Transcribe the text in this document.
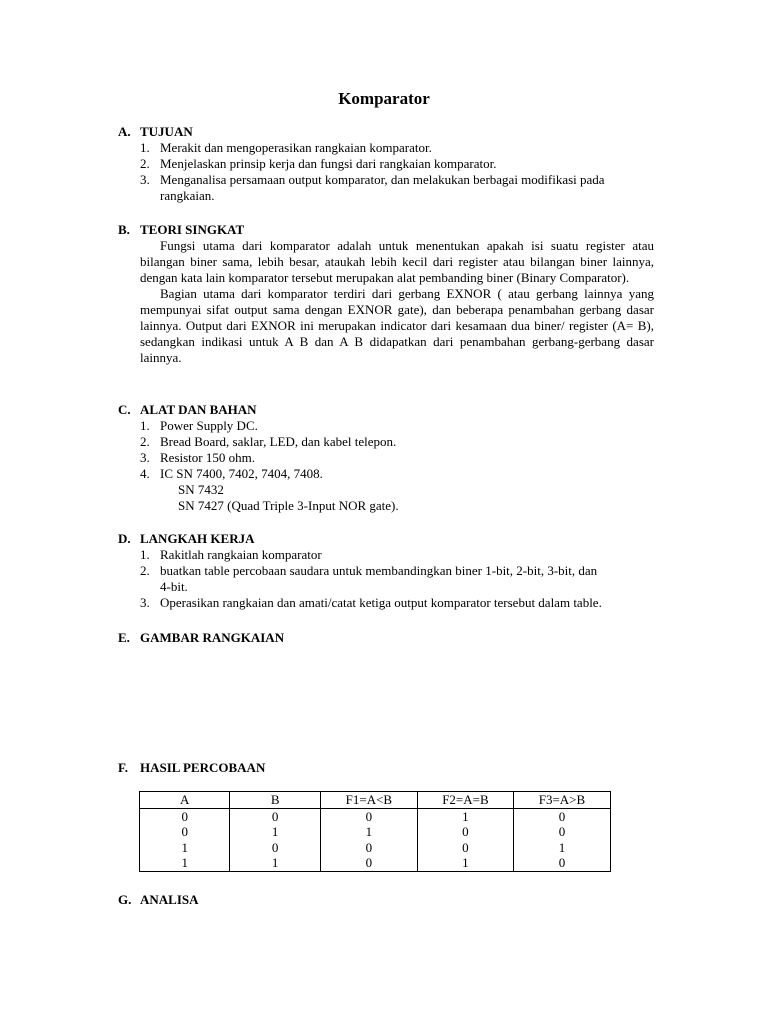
Komparator
A. TUJUAN
1. Merakit dan mengoperasikan rangkaian komparator.
2. Menjelaskan prinsip kerja dan fungsi dari rangkaian komparator.
3. Menganalisa persamaan output komparator, dan melakukan berbagai modifikasi pada
rangkaian.
B. TEORI SINGKAT
Fungsi utama dari komparator adalah untuk menentukan apakah isi suatu register atau bilangan biner sama, lebih besar, ataukah lebih kecil dari register atau bilangan biner lainnya, dengan kata lain komparator tersebut merupakan alat pembanding biner (Binary Comparator).
Bagian utama dari komparator terdiri dari gerbang EXNOR ( atau gerbang lainnya yang mempunyai sifat output sama dengan EXNOR gate), dan beberapa penambahan gerbang dasar lainnya. Output dari EXNOR ini merupakan indicator dari kesamaan dua biner/ register (A= B), sedangkan indikasi untuk A B dan A B didapatkan dari penambahan gerbang-gerbang dasar lainnya.
C. ALAT DAN BAHAN
1. Power Supply DC.
2. Bread Board, saklar, LED, dan kabel telepon.
3. Resistor 150 ohm.
4. IC SN 7400, 7402, 7404, 7408.
SN 7432
SN 7427 (Quad Triple 3-Input NOR gate).
D. LANGKAH KERJA
1. Rakitlah rangkaian komparator
2. buatkan table percobaan saudara untuk membandingkan biner 1-bit, 2-bit, 3-bit, dan
4-bit.
3. Operasikan rangkaian dan amati/catat ketiga output komparator tersebut dalam table.
E. GAMBAR RANGKAIAN
F. HASIL PERCOBAAN
A	B	F1=A<B	F2=A=B	F3=A>B
0	0	0	1	0
0	1	1	0	0
1	0	0	0	1
1	1	0	1	0
G. ANALISA
